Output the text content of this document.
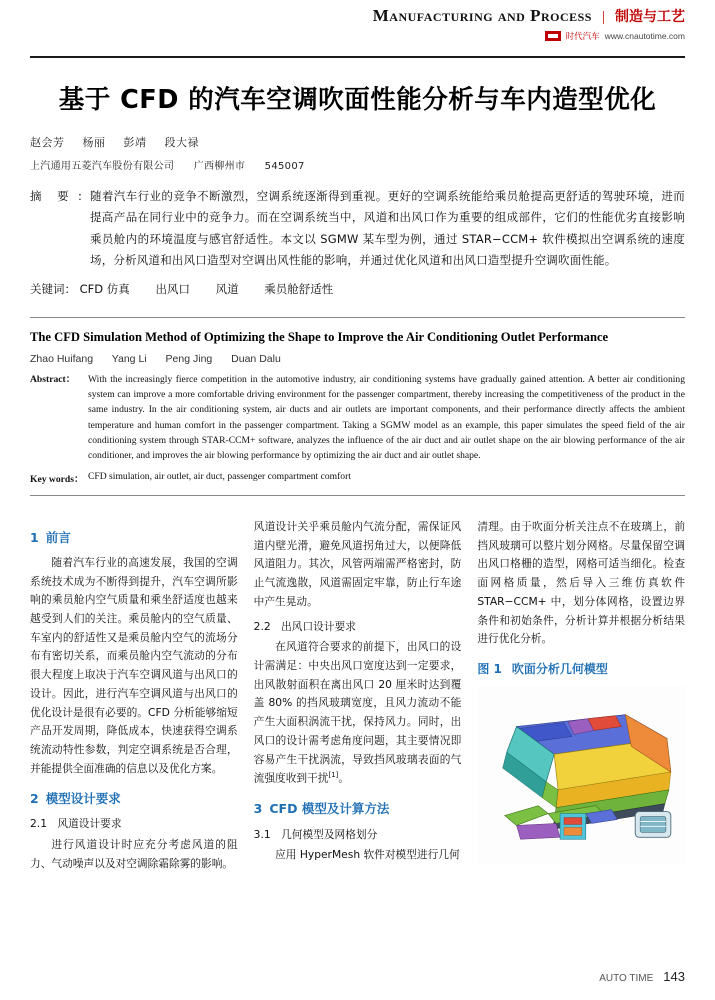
Manufacturing and Process | 制造与工艺
时代汽车 www.cnautotime.com
基于 CFD 的汽车空调吹面性能分析与车内造型优化
赵会芳 杨丽 彭靖 段大禄
上汽通用五菱汽车股份有限公司 广西柳州市 545007
摘 要 : 随着汽车行业的竞争不断激烈，空调系统逐渐得到重视。更好的空调系统能给乘员舱提高更舒适的驾驶环境，进而提高产品在同行业中的竞争力。而在空调系统当中，风道和出风口作为重要的组成部件，它们的性能优劣直接影响乘员舱内的环境温度与感官舒适性。本文以 SGMW 某车型为例，通过 STAR−CCM+ 软件模拟出空调系统的速度场，分析风道和出风口造型对空调出风性能的影响，并通过优化风道和出风口造型提升空调吹面性能。
关键词： CFD 仿真 出风口 风道 乘员舱舒适性
The CFD Simulation Method of Optimizing the Shape to Improve the Air Conditioning Outlet Performance
Zhao Huifang Yang Li Peng Jing Duan Dalu
Abstract：	With the increasingly fierce competition in the automotive industry, air conditioning systems have gradually gained attention. A better air conditioning system can improve a more comfortable driving environment for the passenger compartment, thereby increasing the competitiveness of the product in the same industry. In the air conditioning system, air ducts and air outlets are important components, and their performance directly affects the ambient temperature and human comfort in the passenger compartment. Taking a SGMW model as an example, this paper simulates the speed field of the air conditioning system through STAR-CCM+ software, analyzes the influence of the air duct and air outlet shape on the air blowing performance of the air conditioner, and improves the air blowing performance by optimizing the air duct and air outlet shape.
Key words： CFD simulation, air outlet, air duct, passenger compartment comfort
1 前言

随着汽车行业的高速发展，我国的空调系统技术成为不断得到提升，汽车空调所影响的乘员舱内空气质量和乘坐舒适度也越来越受到人们的关注。乘员舱内的空气质量、车室内的舒适性又是乘员舱内空气的流场分布有密切关系，而乘员舱内空气流动的分布很大程度上取决于汽车空调风道与出风口的设计。因此，进行汽车空调风道与出风口的优化设计是很有必要的。CFD 分析能够缩短产品开发周期，降低成本，快速获得空调系统流动特性参数，判定空调系统是否合理，并能提供全面准确的信息以及优化方案。

2 模型设计要求
2.1 风道设计要求

进行风道设计时应充分考虑风道的阻力、气动噪声以及对空调除霜除雾的影响。

风道设计关乎乘员舱内气流分配，需保证风道内壁光滑，避免风道拐角过大，以便降低风道阻力。其次，风管两端需严格密封，防止气流逸散，风道需固定牢靠，防止行车途中产生晃动。

2.2 出风口设计要求

在风道符合要求的前提下，出风口的设计需满足：中央出风口宽度达到一定要求，出风散射面积在离出风口 20 厘米时达到覆盖 80% 的挡风玻璃宽度，且风力流动不能产生大面积涡流干扰，保持风力。同时，出风口的设计需考虑角度问题，其主要情况即容易产生干扰涡流，导致挡风玻璃表面的气流强度收到干扰[1]。

3 CFD 模型及计算方法
3.1 几何模型及网格划分

应用 HyperMesh 软件对模型进行几何

清理。由于吹面分析关注点不在玻璃上，前挡风玻璃可以整片划分网格。尽量保留空调出风口格栅的造型，网格可适当细化。检查面网格质量，然后导入三维仿真软件 STAR−CCM+ 中，划分体网格，设置边界条件和初始条件，分析计算并根据分析结果进行优化分析。

图 1 吹面分析几何模型
AUTO TIME 143
